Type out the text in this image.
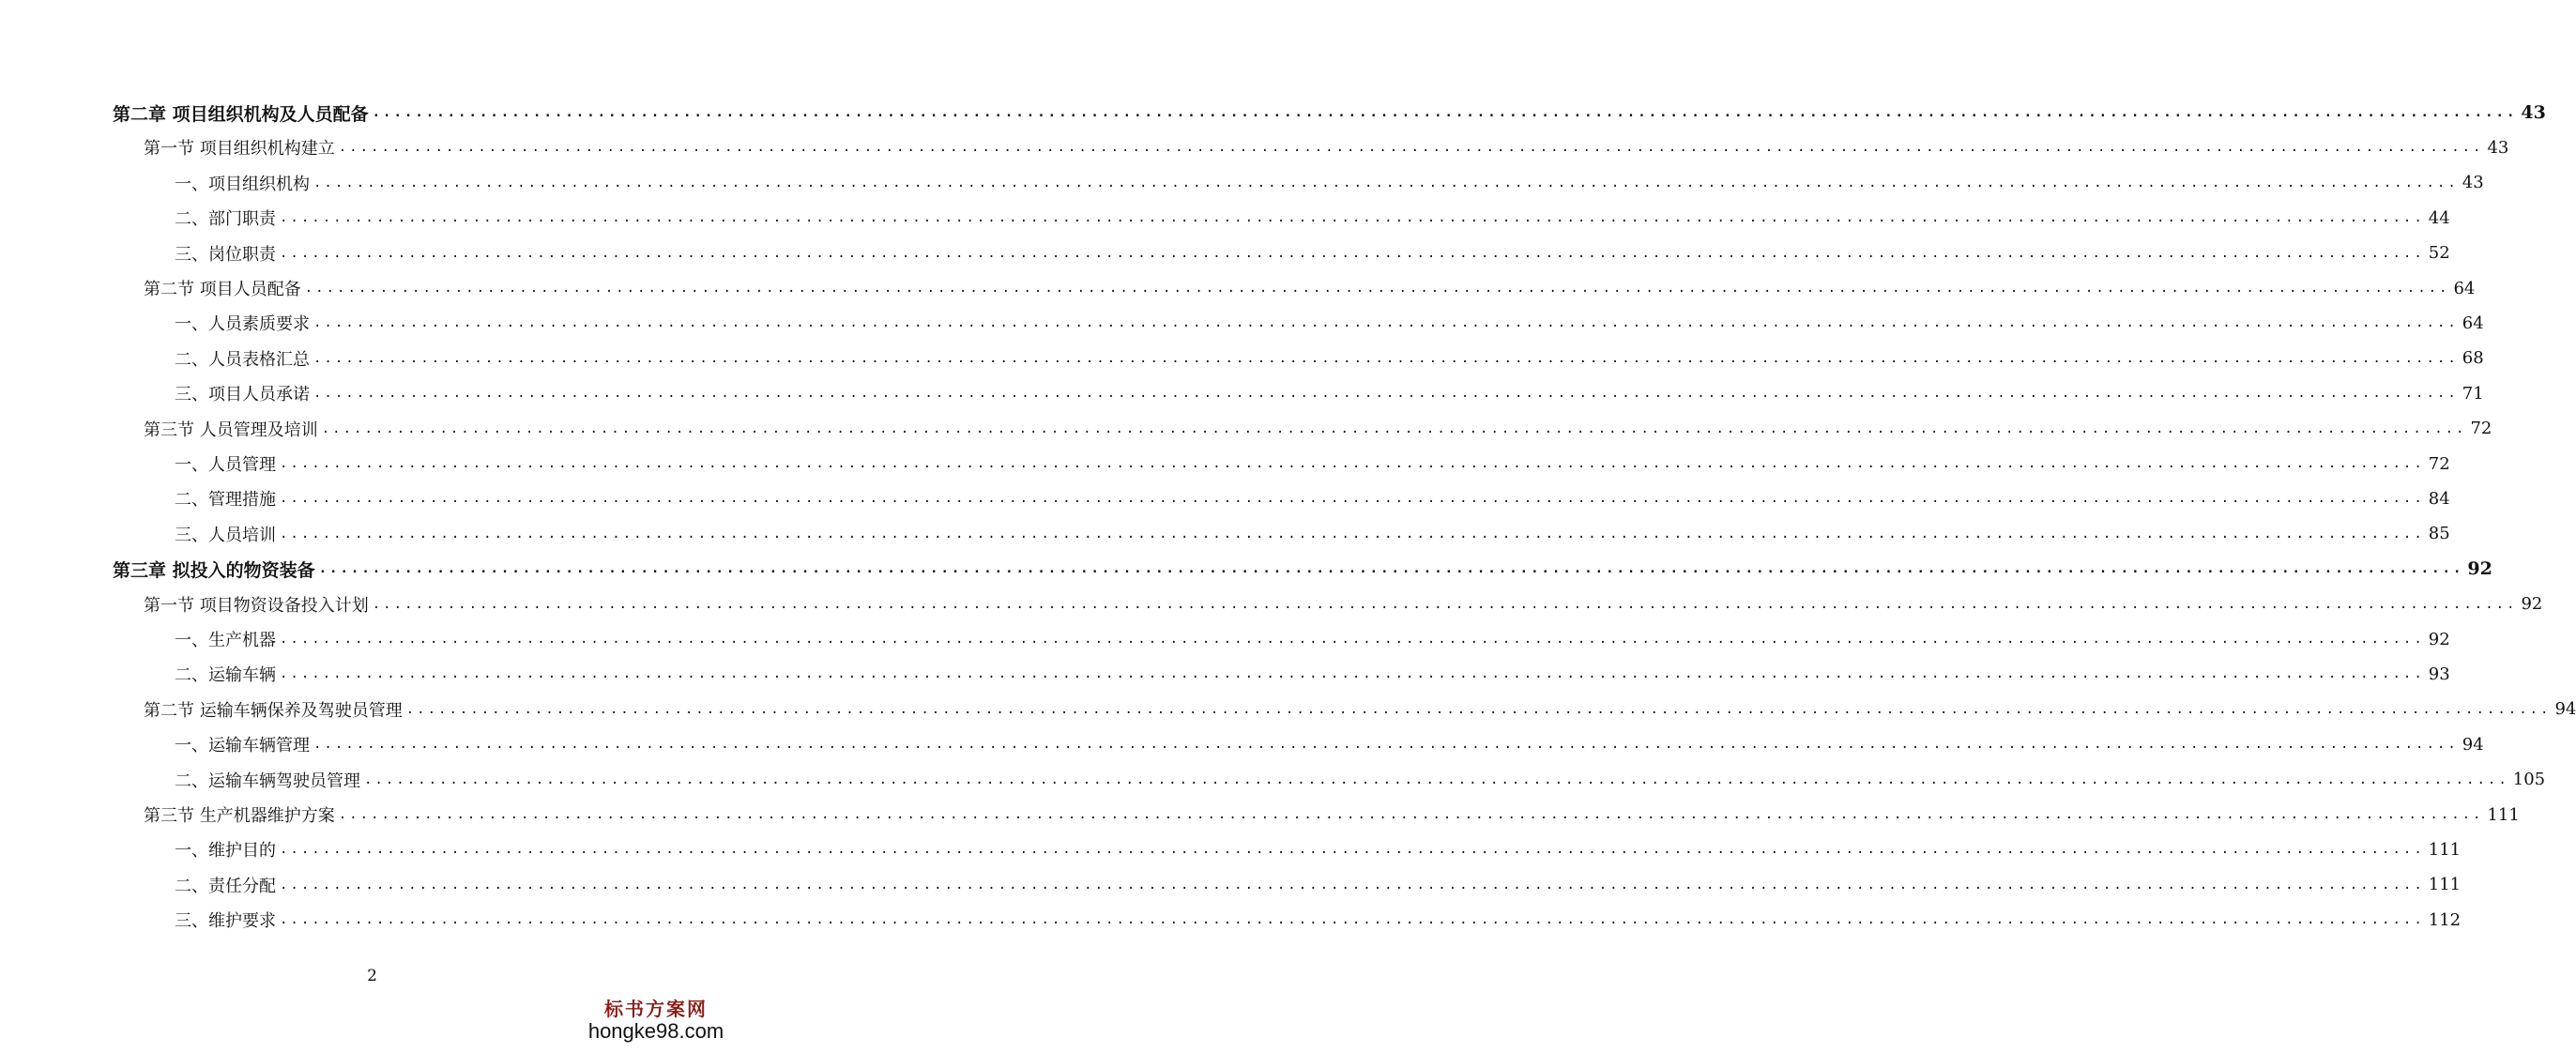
第二章 项目组织机构及人员配备 ........................................................................................................................................................................................................ 43
第一节 项目组织机构建立 ........................................................................................................................................................................................................ 43
一、项目组织机构 ........................................................................................................................................................................................................ 43
二、部门职责 ........................................................................................................................................................................................................ 44
三、岗位职责 ........................................................................................................................................................................................................ 52
第二节 项目人员配备 ........................................................................................................................................................................................................ 64
一、人员素质要求 ........................................................................................................................................................................................................ 64
二、人员表格汇总 ........................................................................................................................................................................................................ 68
三、项目人员承诺 ........................................................................................................................................................................................................ 71
第三节 人员管理及培训 ........................................................................................................................................................................................................ 72
一、人员管理 ........................................................................................................................................................................................................ 72
二、管理措施 ........................................................................................................................................................................................................ 84
三、人员培训 ........................................................................................................................................................................................................ 85
第三章 拟投入的物资装备 ........................................................................................................................................................................................................ 92
第一节 项目物资设备投入计划 ........................................................................................................................................................................................................ 92
一、生产机器 ........................................................................................................................................................................................................ 92
二、运输车辆 ........................................................................................................................................................................................................ 93
第二节 运输车辆保养及驾驶员管理 ........................................................................................................................................................................................................ 94
一、运输车辆管理 ........................................................................................................................................................................................................ 94
二、运输车辆驾驶员管理 ........................................................................................................................................................................................................ 105
第三节 生产机器维护方案 ........................................................................................................................................................................................................ 111
一、维护目的 ........................................................................................................................................................................................................ 111
二、责任分配 ........................................................................................................................................................................................................ 111
三、维护要求 ........................................................................................................................................................................................................ 112
2
标书方案网
hongke98.com
